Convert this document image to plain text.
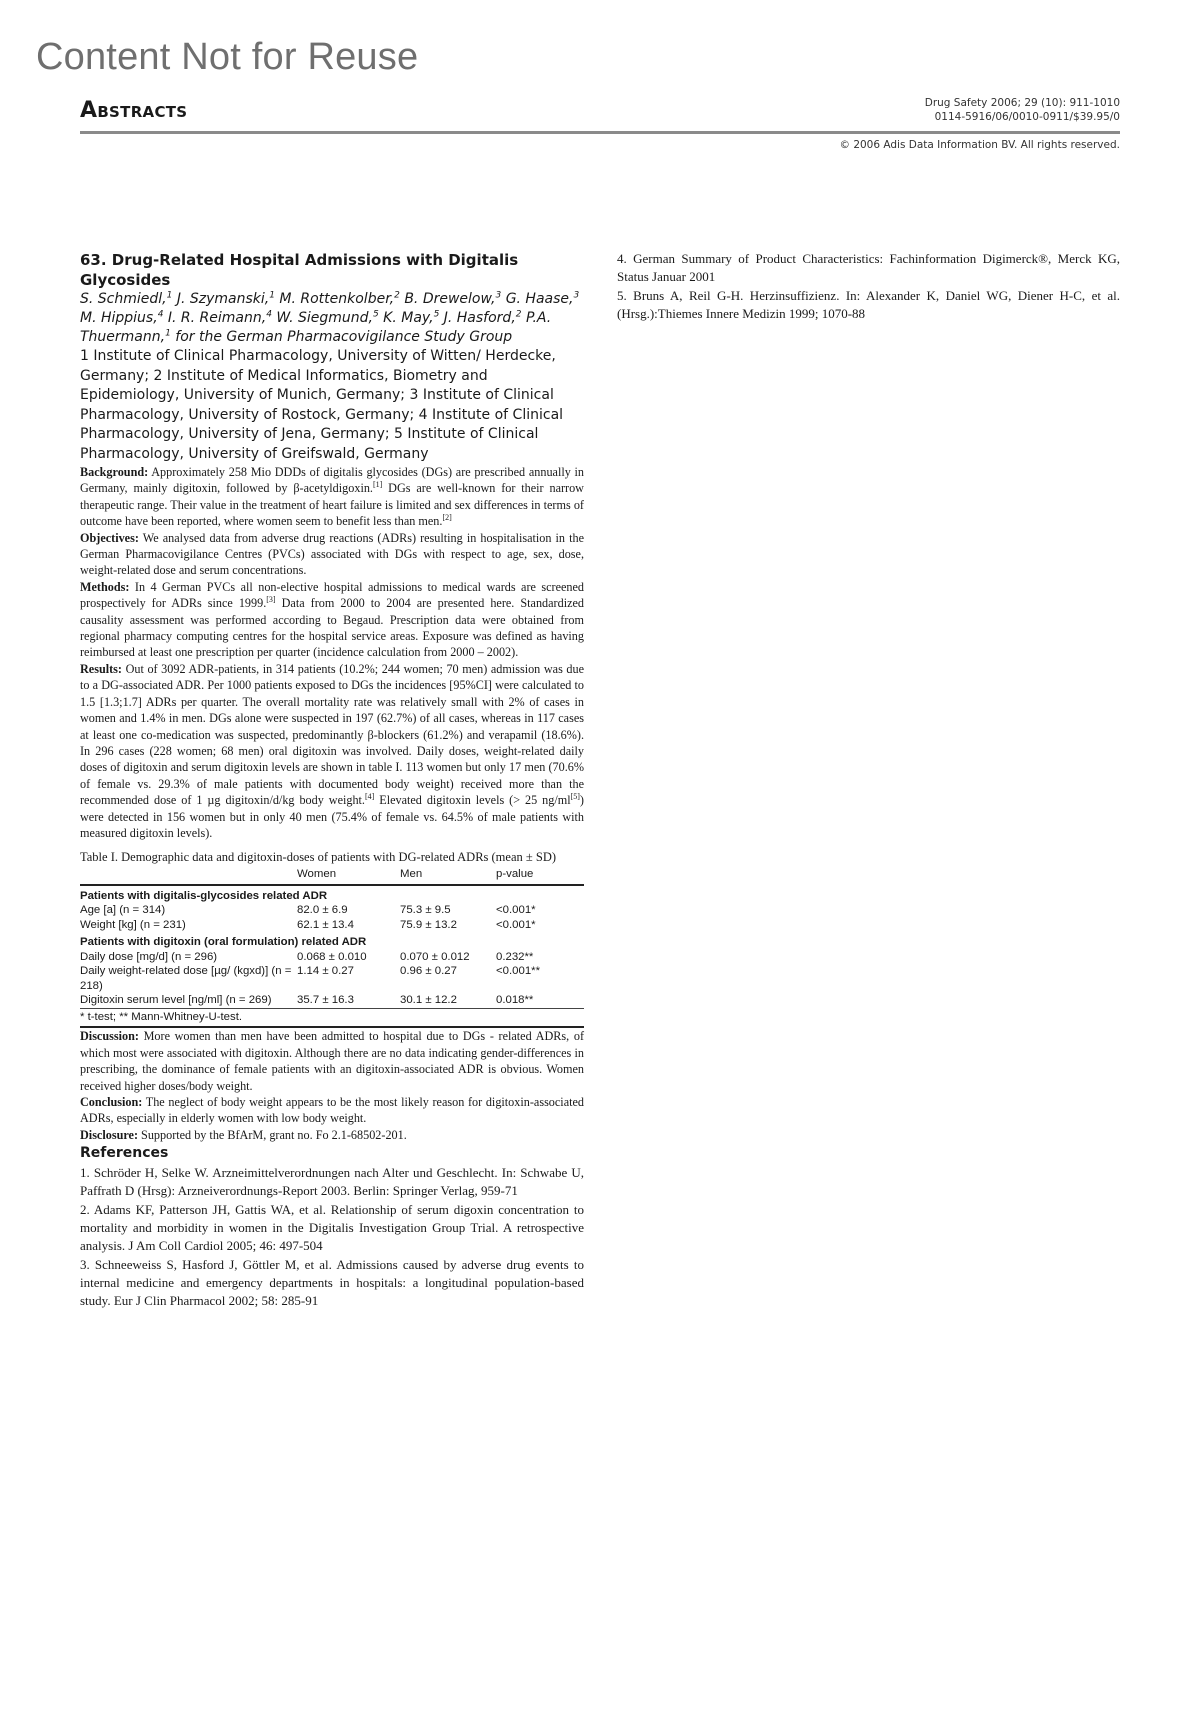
Content Not for Reuse
Abstracts	Drug Safety 2006; 29 (10): 911-1010
0114-5916/06/0010-0911/$39.95/0
© 2006 Adis Data Information BV. All rights reserved.
63. Drug-Related Hospital Admissions with Digitalis Glycosides

S. Schmiedl,$^1$ J. Szymanski,$^1$ M. Rottenkolber,$^2$ B. Drewelow,$^3$ G. Haase,$^3$ M. Hippius,$^4$ I. R. Reimann,$^4$ W. Siegmund,$^5$ K. May,$^5$ J. Hasford,$^2$ P.A. Thuermann,$^1$ for the German Pharmacovigilance Study Group

1 Institute of Clinical Pharmacology, University of Witten/ Herdecke, Germany; 2 Institute of Medical Informatics, Biometry and Epidemiology, University of Munich, Germany; 3 Institute of Clinical Pharmacology, University of Rostock, Germany; 4 Institute of Clinical Pharmacology, University of Jena, Germany; 5 Institute of Clinical Pharmacology, University of Greifswald, Germany

Background: Approximately 258 Mio DDDs of digitalis glycosides (DGs) are prescribed annually in Germany, mainly digitoxin, followed by β-acetyldigoxin.[1] DGs are well-known for their narrow therapeutic range. Their value in the treatment of heart failure is limited and sex differences in terms of outcome have been reported, where women seem to benefit less than men.[2]

Objectives: We analysed data from adverse drug reactions (ADRs) resulting in hospitalisation in the German Pharmacovigilance Centres (PVCs) associated with DGs with respect to age, sex, dose, weight-related dose and serum concentrations.

Methods: In 4 German PVCs all non-elective hospital admissions to medical wards are screened prospectively for ADRs since 1999.[3] Data from 2000 to 2004 are presented here. Standardized causality assessment was performed according to Begaud. Prescription data were obtained from regional pharmacy computing centres for the hospital service areas. Exposure was defined as having reimbursed at least one prescription per quarter (incidence calculation from 2000 – 2002).

Results: Out of 3092 ADR-patients, in 314 patients (10.2%; 244 women; 70 men) admission was due to a DG-associated ADR. Per 1000 patients exposed to DGs the incidences [95%CI] were calculated to 1.5 [1.3;1.7] ADRs per quarter. The overall mortality rate was relatively small with 2% of cases in women and 1.4% in men. DGs alone were suspected in 197 (62.7%) of all cases, whereas in 117 cases at least one co-medication was suspected, predominantly β-blockers (61.2%) and verapamil (18.6%). In 296 cases (228 women; 68 men) oral digitoxin was involved. Daily doses, weight-related daily doses of digitoxin and serum digitoxin levels are shown in table I. 113 women but only 17 men (70.6% of female vs. 29.3% of male patients with documented body weight) received more than the recommended dose of 1 µg digitoxin/d/kg body weight.[4] Elevated digitoxin levels (> 25 ng/ml[5]) were detected in 156 women but in only 40 men (75.4% of female vs. 64.5% of male patients with measured digitoxin levels).

Table I. Demographic data and digitoxin-doses of patients with DG-related ADRs (mean ± SD)
	Women	Men	p-value
Patients with digitalis-glycosides related ADR			
Age [a] (n = 314)	82.0 ± 6.9	75.3 ± 9.5	<0.001*
Weight [kg] (n = 231)	62.1 ± 13.4	75.9 ± 13.2	<0.001*
Patients with digitoxin (oral formulation) related ADR			
Daily dose [mg/d] (n = 296)	0.068 ± 0.010	0.070 ± 0.012	0.232**
Daily weight-related dose [µg/ (kgxd)] (n = 218)	1.14 ± 0.27	0.96 ± 0.27	<0.001**
Digitoxin serum level [ng/ml] (n = 269)	35.7 ± 16.3	30.1 ± 12.2	0.018**
* t-test; ** Mann-Whitney-U-test.			

Discussion: More women than men have been admitted to hospital due to DGs - related ADRs, of which most were associated with digitoxin. Although there are no data indicating gender-differences in prescribing, the dominance of female patients with an digitoxin-associated ADR is obvious. Women received higher doses/body weight.

Conclusion: The neglect of body weight appears to be the most likely reason for digitoxin-associated ADRs, especially in elderly women with low body weight.

Disclosure: Supported by the BfArM, grant no. Fo 2.1-68502-201.

References

1. Schröder H, Selke W. Arzneimittelverordnungen nach Alter und Geschlecht. In: Schwabe U, Paffrath D (Hrsg): Arzneiverordnungs-Report 2003. Berlin: Springer Verlag, 959-71

2. Adams KF, Patterson JH, Gattis WA, et al. Relationship of serum digoxin concentration to mortality and morbidity in women in the Digitalis Investigation Group Trial. A retrospective analysis. J Am Coll Cardiol 2005; 46: 497-504

3. Schneeweiss S, Hasford J, Göttler M, et al. Admissions caused by adverse drug events to internal medicine and emergency departments in hospitals: a longitudinal population-based study. Eur J Clin Pharmacol 2002; 58: 285-91

4. German Summary of Product Characteristics: Fachinformation Digimerck®, Merck KG, Status Januar 2001

5. Bruns A, Reil G-H. Herzinsuffizienz. In: Alexander K, Daniel WG, Diener H-C, et al. (Hrsg.):Thiemes Innere Medizin 1999; 1070-88
